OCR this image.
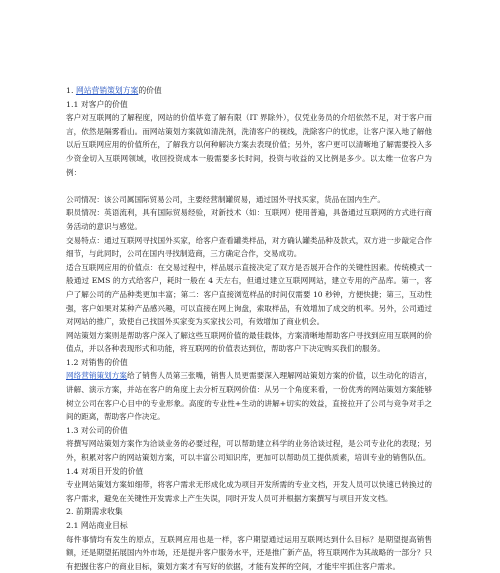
1. 网站营销策划方案的价值

1.1 对客户的价值

客户对互联网的了解程度，网站的价值毕竟了解有限（IT 界除外），仅凭业务员的介绍依然不足，对于客户而言，依然是隔雾看山。而网站策划方案就如清洗剂，洗清客户的视线，洗除客户的忧虑，让客户深入地了解他以后互联网应用的价值所在，了解我方以何种解决方案去表现价值；另外，客户更可以清晰地了解需要投入多少资金切入互联网领域，收回投资成本一般需要多长时间，投资与收益的又比例是多少。以太维一位客户为例：

公司情况：该公司属国际贸易公司，主要经营制罐贸易，通过国外寻找买家，货品在国内生产。

职员情况：英语流利，具有国际贸易经验，对新技术（如：互联网）使用普遍，具备通过互联网的方式进行商务活动的意识与感觉。

交易特点：通过互联网寻找国外买家，给客户查看罐类样品，对方确认罐类品种及款式，双方进一步敲定合作细节，与此同时，公司在国内寻找制造商，三方确定合作，交易成功。

适合互联网应用的价值点：在交易过程中，样品展示直接决定了双方是否展开合作的关键性因素。传统模式一般通过 EMS 的方式给客户，耗时一般在 4 天左右，但通过建立互联网网站，建立专用的产品库。第一，客户了解公司的产品种类更加丰富；第二：客户直接浏览样品的时间仅需要 10 秒钟，方便快捷；第三，互动性强，客户如果对某种产品感兴趣，可以直接在网上询盘，索取样品，有效增加了成交的机率。另外，公司通过对网站的推广，致使自己找国外买家变为买家找公司，有效增加了商业机会。

网站策划方案则是帮助客户深入了解这些互联网价值的最佳载体，方案清晰地帮助客户寻找到应用互联网的价值点，并以各种表现形式和功能，将互联网的价值表达到位，帮助客户下决定购买我们的服务。

1.2 对销售的价值

网络营销策划方案给了销售人员第三张嘴，销售人员更需要深入理解网站策划方案的价值，以生动化的语言，讲解、演示方案，并站在客户的角度上去分析互联网价值：从另一个角度来看，一份优秀的网站策划方案能够树立公司在客户心目中的专业形象。高度的专业性+生动的讲解+切实的效益，直接拉开了公司与竞争对手之间的距离，帮助客户作决定。

1.3 对公司的价值

将撰写网站策划方案作为洽谈业务的必要过程，可以帮助建立科学的业务洽谈过程，是公司专业化的表现；另外，积累对客户的网站策划方案，可以丰富公司知识库，更加可以帮助员工提供质素，培训专业的销售队伍。

1.4 对项目开发的价值

专业网站策划方案如细带，将客户需求无形成化成为项目开发所需的专业文档，开发人员可以快速已转换过的客户需求，避免在关键性开发需求上产生失误，同时开发人员可并根据方案撰写与项目开发文档。

2. 前期需求收集

2.1 网站商业目标

每件事情均有发生的原点，互联网应用也是一样，客户期望通过运用互联网达到什么目标？是期望提高销售额，还是期望拓展国内外市场，还是提升客户服务水平，还是推广新产品，将互联网作为其战略的一部分？只有把握住客户的商业目标，策划方案才有写好的依据，才能有发挥的空间，才能牢牢抓住客户需求。
